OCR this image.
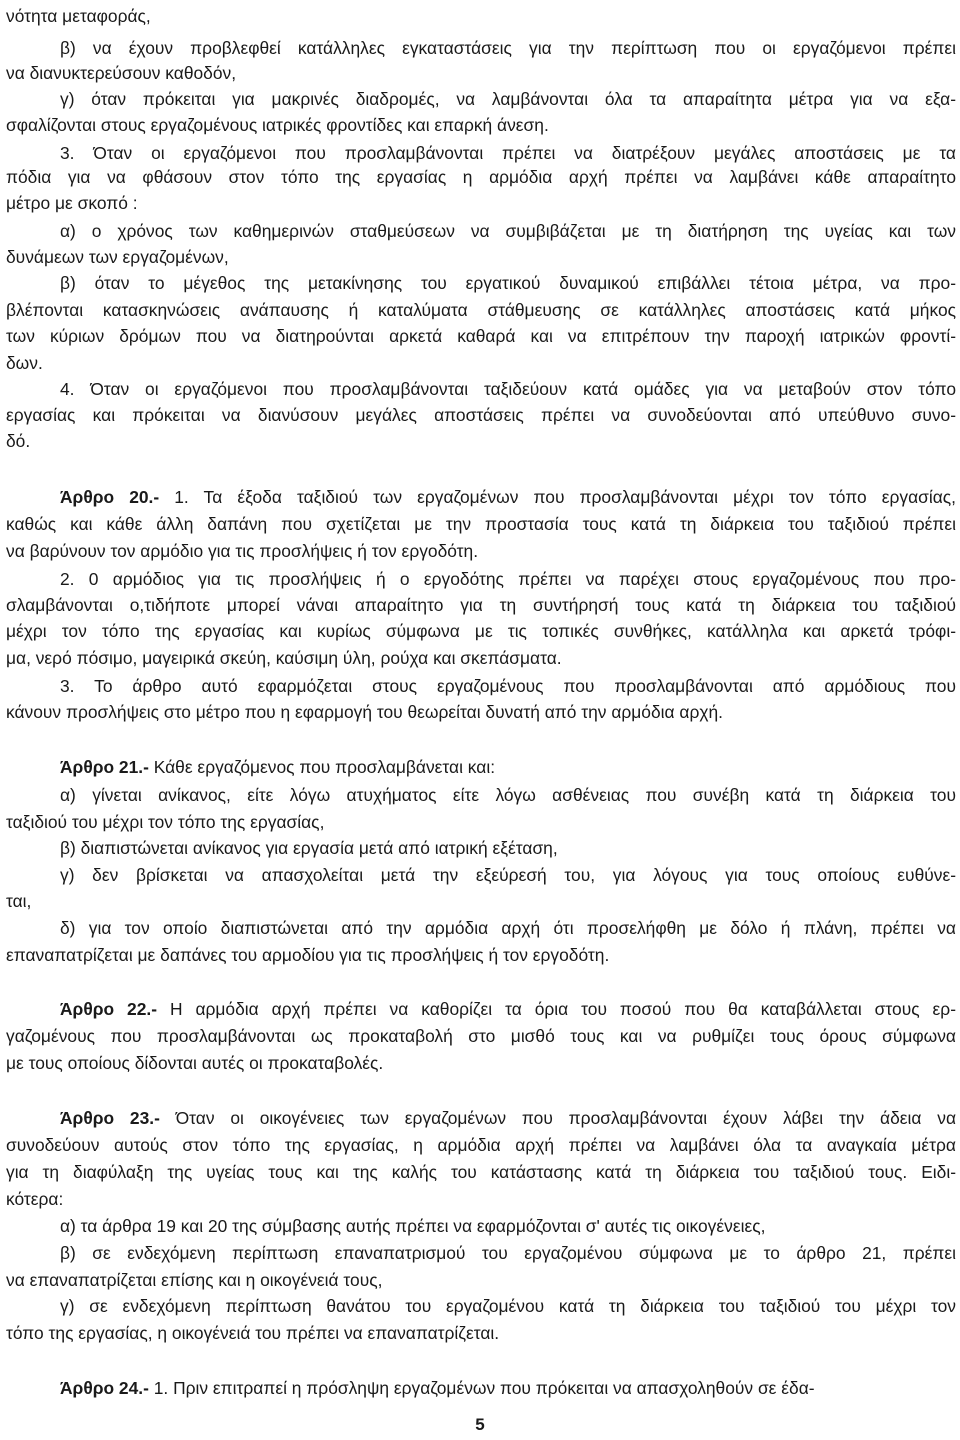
νότητα μεταφοράς,
β) να έχουν προβλεφθεί κατάλληλες εγκαταστάσεις για την περίπτωση που οι εργαζόμενοι πρέπει
να διανυκτερεύσουν καθοδόν,
γ) όταν πρόκειται για μακρινές διαδρομές, να λαμβάνονται όλα τα απαραίτητα μέτρα για να εξα-
σφαλίζονται στους εργαζομένους ιατρικές φροντίδες και επαρκή άνεση.
3. Όταν οι εργαζόμενοι που προσλαμβάνονται πρέπει να διατρέξουν μεγάλες αποστάσεις με τα
πόδια για να φθάσουν στον τόπο της εργασίας η αρμόδια αρχή πρέπει να λαμβάνει κάθε απαραίτητο
μέτρο με σκοπό :
α) ο χρόνος των καθημερινών σταθμεύσεων να συμβιβάζεται με τη διατήρηση της υγείας και των
δυνάμεων των εργαζομένων,
β) όταν το μέγεθος της μετακίνησης του εργατικού δυναμικού επιβάλλει τέτοια μέτρα, να προ-
βλέπονται κατασκηνώσεις ανάπαυσης ή καταλύματα στάθμευσης σε κατάλληλες αποστάσεις κατά μήκος
των κύριων δρόμων που να διατηρούνται αρκετά καθαρά και να επιτρέπουν την παροχή ιατρικών φροντί-
δων.
4. Όταν οι εργαζόμενοι που προσλαμβάνονται ταξιδεύουν κατά ομάδες για να μεταβούν στον τόπο
εργασίας και πρόκειται να διανύσουν μεγάλες αποστάσεις πρέπει να συνοδεύονται από υπεύθυνο συνο-
δό.
Άρθρο 20.- 1. Τα έξοδα ταξιδιού των εργαζομένων που προσλαμβάνονται μέχρι τον τόπο εργασίας,
καθώς και κάθε άλλη δαπάνη που σχετίζεται με την προστασία τους κατά τη διάρκεια του ταξιδιού πρέπει
να βαρύνουν τον αρμόδιο για τις προσλήψεις ή τον εργοδότη.
2. 0 αρμόδιος για τις προσλήψεις ή ο εργοδότης πρέπει να παρέχει στους εργαζομένους που προ-
σλαμβάνονται ο,τιδήποτε μπορεί νάναι απαραίτητο για τη συντήρησή τους κατά τη διάρκεια του ταξιδιού
μέχρι τον τόπο της εργασίας και κυρίως σύμφωνα με τις τοπικές συνθήκες, κατάλληλα και αρκετά τρόφι-
μα, νερό πόσιμο, μαγειρικά σκεύη, καύσιμη ύλη, ρούχα και σκεπάσματα.
3. Το άρθρο αυτό εφαρμόζεται στους εργαζομένους που προσλαμβάνονται από αρμόδιους που
κάνουν προσλήψεις στο μέτρο που η εφαρμογή του θεωρείται δυνατή από την αρμόδια αρχή.
Άρθρο 21.- Κάθε εργαζόμενος που προσλαμβάνεται και:
α) γίνεται ανίκανος, είτε λόγω ατυχήματος είτε λόγω ασθένειας που συνέβη κατά τη διάρκεια του
ταξιδιού του μέχρι τον τόπο της εργασίας,
β) διαπιστώνεται ανίκανος για εργασία μετά από ιατρική εξέταση,
γ) δεν βρίσκεται να απασχολείται μετά την εξεύρεσή του, για λόγους για τους οποίους ευθύνε-
ται,
δ) για τον οποίο διαπιστώνεται από την αρμόδια αρχή ότι προσελήφθη με δόλο ή πλάνη, πρέπει να
επαναπατρίζεται με δαπάνες του αρμοδίου για τις προσλήψεις ή τον εργοδότη.
Άρθρο 22.- Η αρμόδια αρχή πρέπει να καθορίζει τα όρια του ποσού που θα καταβάλλεται στους ερ-
γαζομένους που προσλαμβάνονται ως προκαταβολή στο μισθό τους και να ρυθμίζει τους όρους σύμφωνα
με τους οποίους δίδονται αυτές οι προκαταβολές.
Άρθρο 23.- Όταν οι οικογένειες των εργαζομένων που προσλαμβάνονται έχουν λάβει την άδεια να
συνοδεύουν αυτούς στον τόπο της εργασίας, η αρμόδια αρχή πρέπει να λαμβάνει όλα τα αναγκαία μέτρα
για τη διαφύλαξη της υγείας τους και της καλής του κατάστασης κατά τη διάρκεια του ταξιδιού τους. Ειδι-
κότερα:
α) τα άρθρα 19 και 20 της σύμβασης αυτής πρέπει να εφαρμόζονται σ' αυτές τις οικογένειες,
β) σε ενδεχόμενη περίπτωση επαναπατρισμού του εργαζομένου σύμφωνα με το άρθρο 21, πρέπει
να επαναπατρίζεται επίσης και η οικογένειά τους,
γ) σε ενδεχόμενη περίπτωση θανάτου του εργαζομένου κατά τη διάρκεια του ταξιδιού του μέχρι τον
τόπο της εργασίας, η οικογένειά του πρέπει να επαναπατρίζεται.
Άρθρο 24.- 1. Πριν επιτραπεί η πρόσληψη εργαζομένων που πρόκειται να απασχοληθούν σε έδα-
5
